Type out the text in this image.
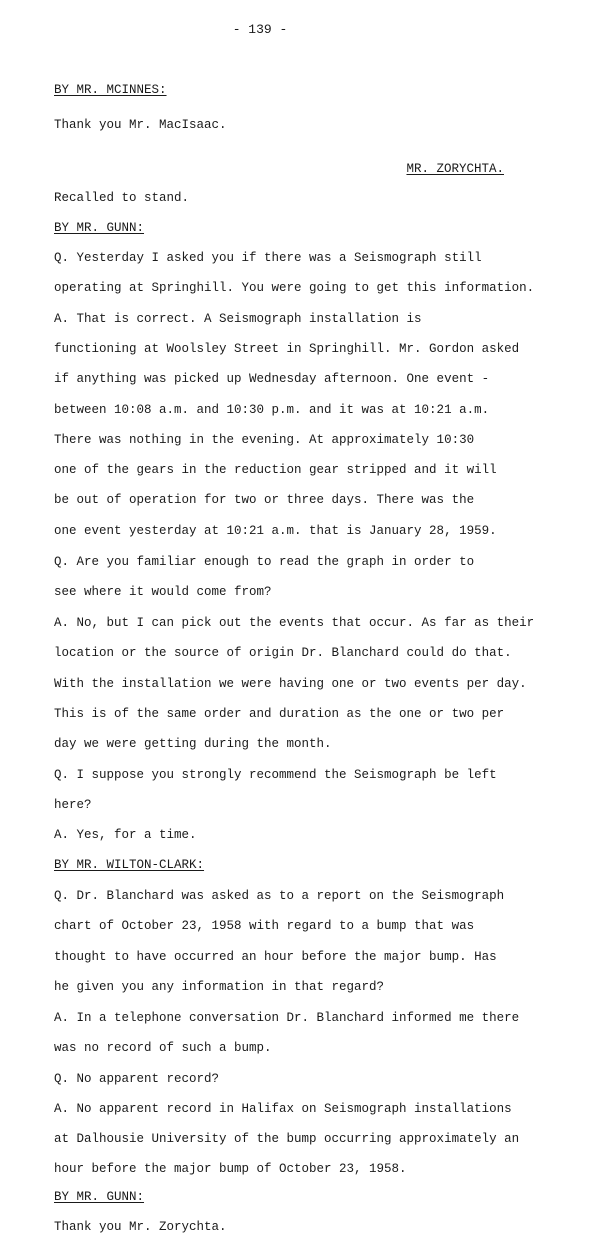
- 139 -
BY MR. MCINNES:
Thank you Mr. MacIsaac.
MR. ZORYCHTA.
Recalled to stand.
BY MR. GUNN:
Q. Yesterday I asked you if there was a Seismograph still
operating at Springhill. You were going to get this information.
A. That is correct. A Seismograph installation is
functioning at Woolsley Street in Springhill. Mr. Gordon asked
if anything was picked up Wednesday afternoon. One event -
between 10:08 a.m. and 10:30 p.m. and it was at 10:21 a.m.
There was nothing in the evening. At approximately 10:30
one of the gears in the reduction gear stripped and it will
be out of operation for two or three days. There was the
one event yesterday at 10:21 a.m. that is January 28, 1959.
Q. Are you familiar enough to read the graph in order to
see where it would come from?
A. No, but I can pick out the events that occur. As far as their
location or the source of origin Dr. Blanchard could do that.
With the installation we were having one or two events per day.
This is of the same order and duration as the one or two per
day we were getting during the month.
Q. I suppose you strongly recommend the Seismograph be left
here?
A. Yes, for a time.
BY MR. WILTON-CLARK:
Q. Dr. Blanchard was asked as to a report on the Seismograph
chart of October 23, 1958 with regard to a bump that was
thought to have occurred an hour before the major bump. Has
he given you any information in that regard?
A. In a telephone conversation Dr. Blanchard informed me there
was no record of such a bump.
Q. No apparent record?
A. No apparent record in Halifax on Seismograph installations
at Dalhousie University of the bump occurring approximately an
hour before the major bump of October 23, 1958.
BY MR. GUNN:
Thank you Mr. Zorychta.
